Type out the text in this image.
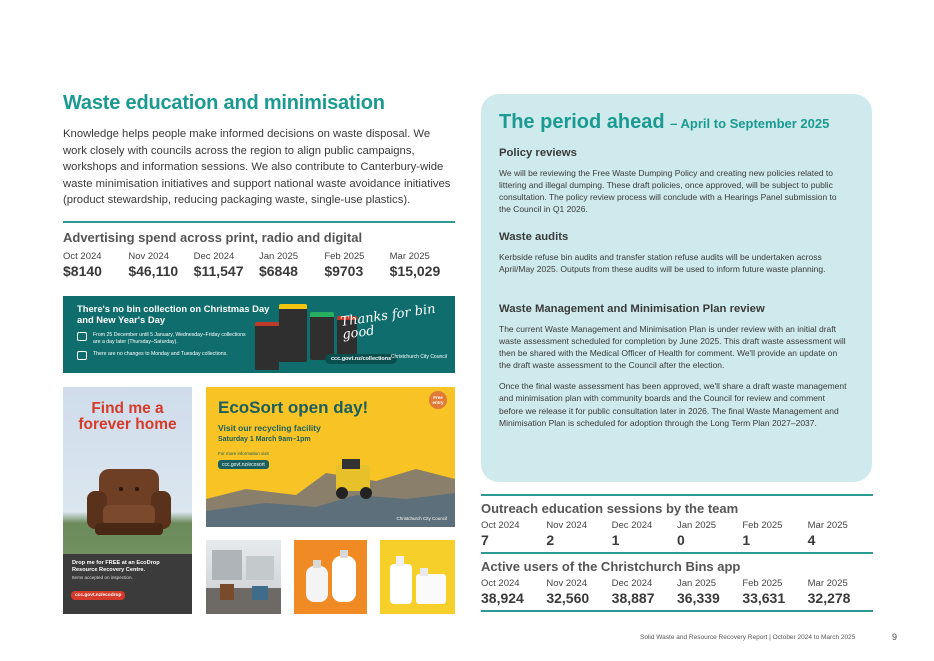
Waste education and minimisation

Knowledge helps people make informed decisions on waste disposal. We work closely with councils across the region to align public campaigns, workshops and information sessions. We also contribute to Canterbury-wide waste minimisation initiatives and support national waste avoidance initiatives (product stewardship, reducing packaging waste, single-use plastics).

Advertising spend across print, radio and digital
Oct 2024
$8140
Nov 2024
$46,110
Dec 2024
$11,547
Jan 2025
$6848
Feb 2025
$9703
Mar 2025
$15,029
There's no bin collection on Christmas Day and New Year's Day
From 25 December until 5 January, Wednesday–Friday collections are a day later (Thursday–Saturday).
There are no changes to Monday and Tuesday collections.
Thanks for bin good
ccc.govt.nz/collections Christchurch City Council
Find me a forever home
Drop me for FREE at an EcoDrop Resource Recovery Centre.
Items accepted on inspection.
ccc.govt.nz/ecodrop
EcoSort open day!
Visit our recycling facility
Saturday 1 March 9am–1pm
For more information visit
ccc.govt.nz/ecosort
Free entry
Christchurch City Council
The period ahead – April to September 2025
Policy reviews

We will be reviewing the Free Waste Dumping Policy and creating new policies related to littering and illegal dumping. These draft policies, once approved, will be subject to public consultation. The policy review process will conclude with a Hearings Panel submission to the Council in Q1 2026.

Waste audits

Kerbside refuse bin audits and transfer station refuse audits will be undertaken across April/May 2025. Outputs from these audits will be used to inform future waste planning.

Waste Management and Minimisation Plan review

The current Waste Management and Minimisation Plan is under review with an initial draft waste assessment scheduled for completion by June 2025. This draft waste assessment will then be shared with the Medical Officer of Health for comment. We'll provide an update on the draft waste assessment to the Council after the election.

Once the final waste assessment has been approved, we'll share a draft waste management and minimisation plan with community boards and the Council for review and comment before we release it for public consultation later in 2026. The final Waste Management and Minimisation Plan is scheduled for adoption through the Long Term Plan 2027–2037.

Outreach education sessions by the team
Oct 2024
7
Nov 2024
2
Dec 2024
1
Jan 2025
0
Feb 2025
1
Mar 2025
4
Active users of the Christchurch Bins app
Oct 2024
38,924
Nov 2024
32,560
Dec 2024
38,887
Jan 2025
36,339
Feb 2025
33,631
Mar 2025
32,278
Solid Waste and Resource Recovery Report | October 2024 to March 2025	9
